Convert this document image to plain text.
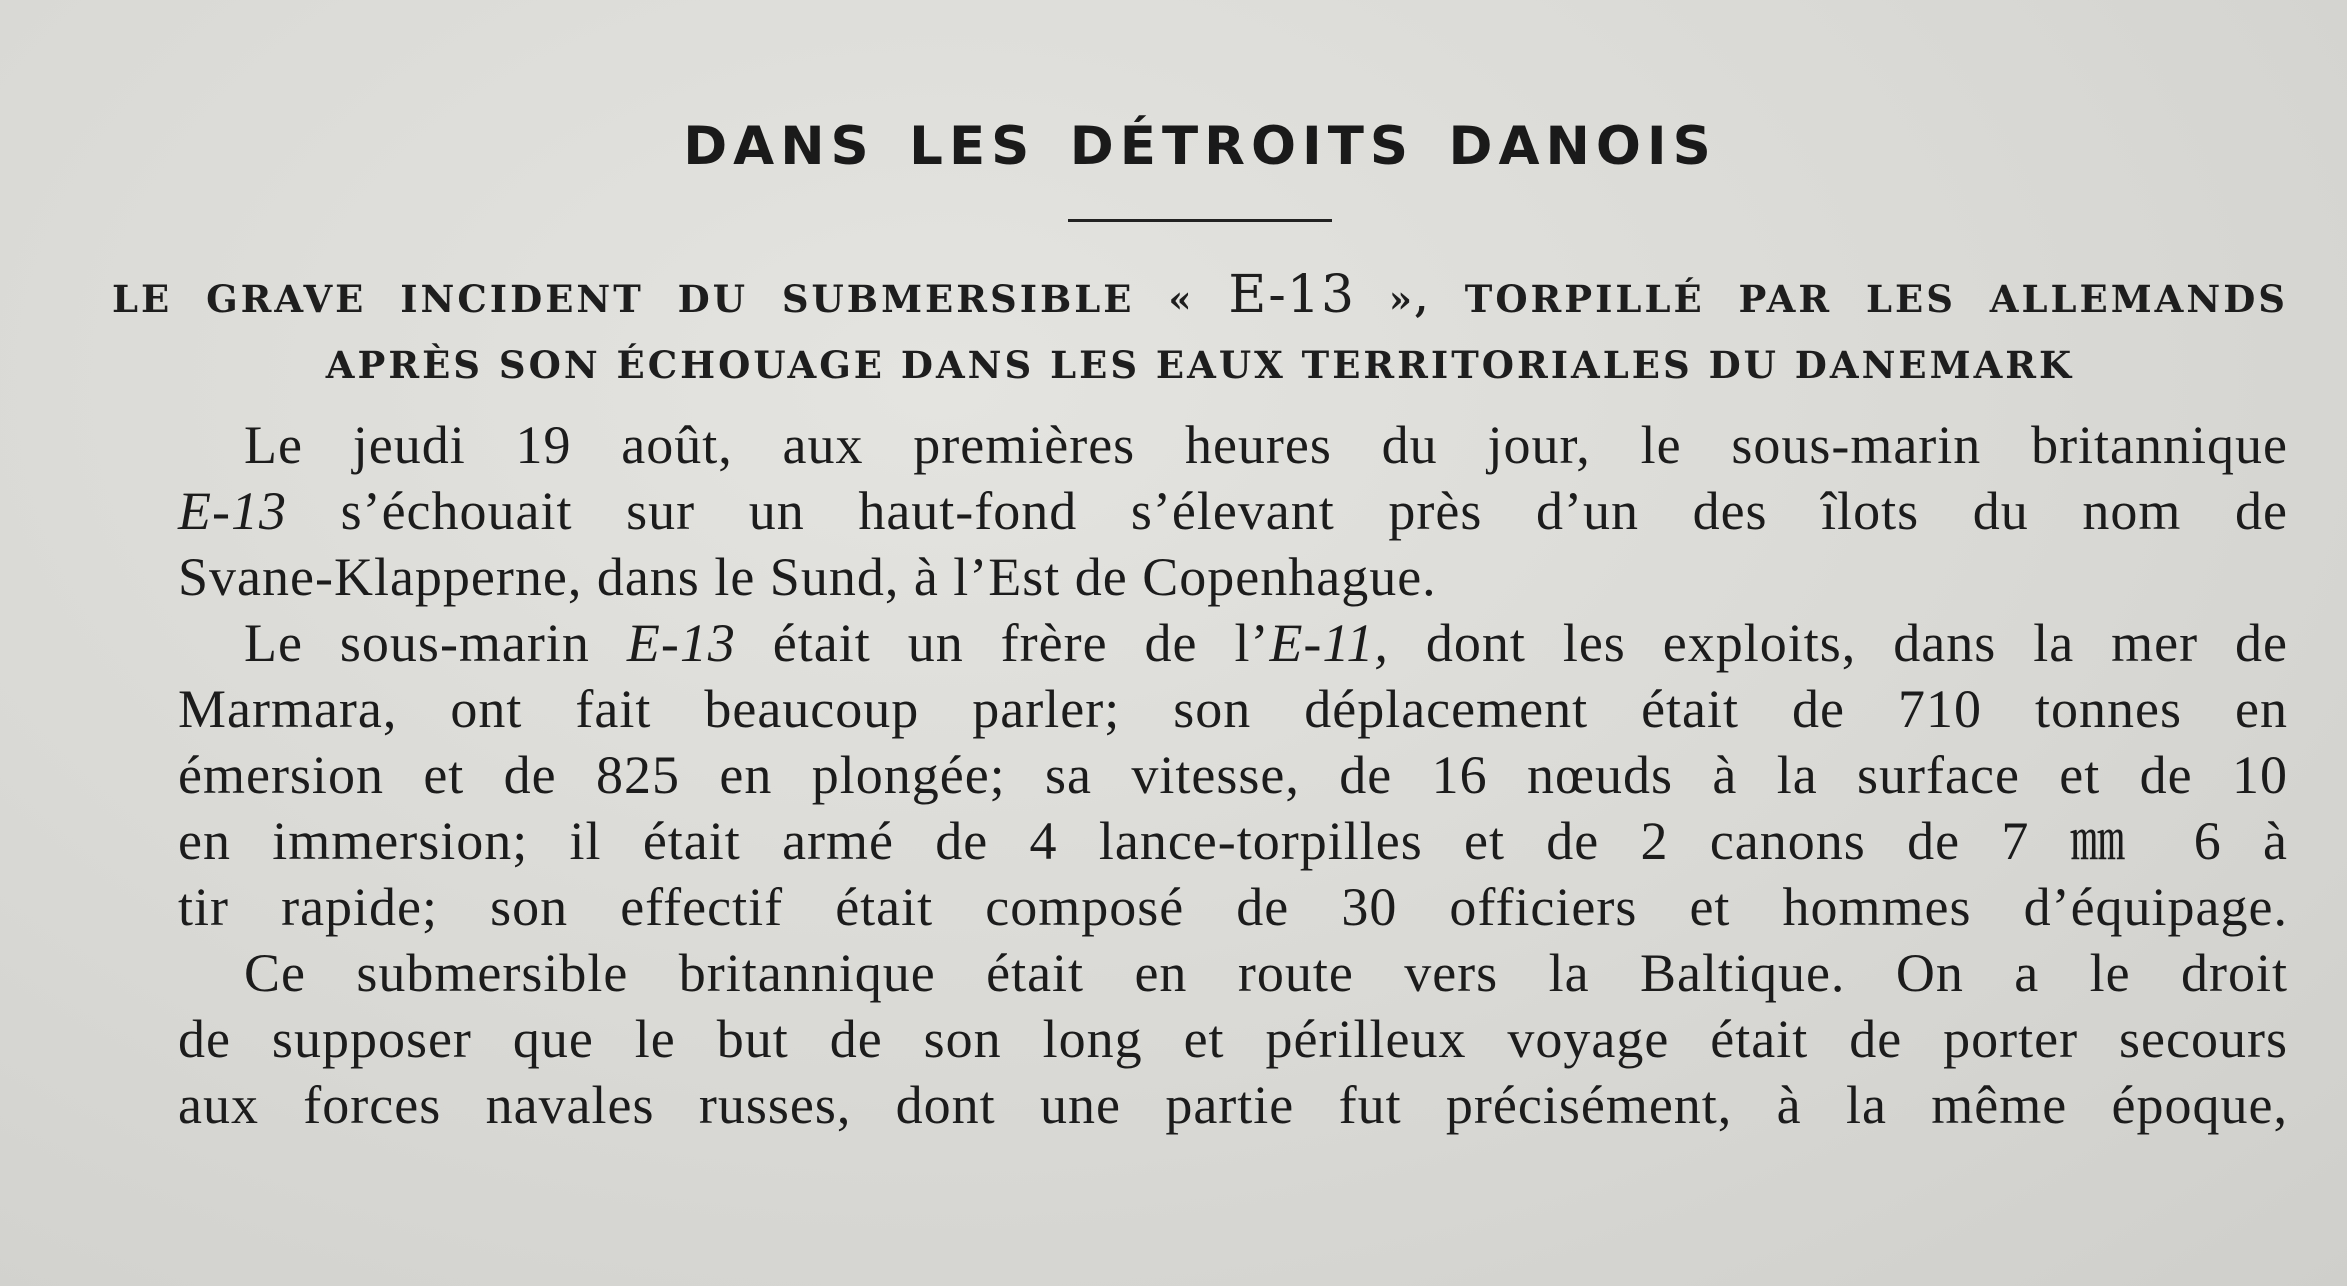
DANS LES DÉTROITS DANOIS
LE GRAVE INCIDENT DU SUBMERSIBLE « E-13 », TORPILLÉ PAR LES ALLEMANDS
APRÈS SON ÉCHOUAGE DANS LES EAUX TERRITORIALES DU DANEMARK
Le jeudi 19 août, aux premières heures du jour, le sous-marin britannique
E-13 s’échouait sur un haut-fond s’élevant près d’un des îlots du nom de
Svane-Klapperne, dans le Sund, à l’Est de Copenhague.
Le sous-marin E-13 était un frère de l’E-11, dont les exploits, dans la mer de
Marmara, ont fait beaucoup parler; son déplacement était de 710 tonnes en
émersion et de 825 en plongée; sa vitesse, de 16 nœuds à la surface et de 10
en immersion; il était armé de 4 lance-torpilles et de 2 canons de 7 ㎜ 6 à
tir rapide; son effectif était composé de 30 officiers et hommes d’équipage.
Ce submersible britannique était en route vers la Baltique. On a le droit
de supposer que le but de son long et périlleux voyage était de porter secours
aux forces navales russes, dont une partie fut précisément, à la même époque,
